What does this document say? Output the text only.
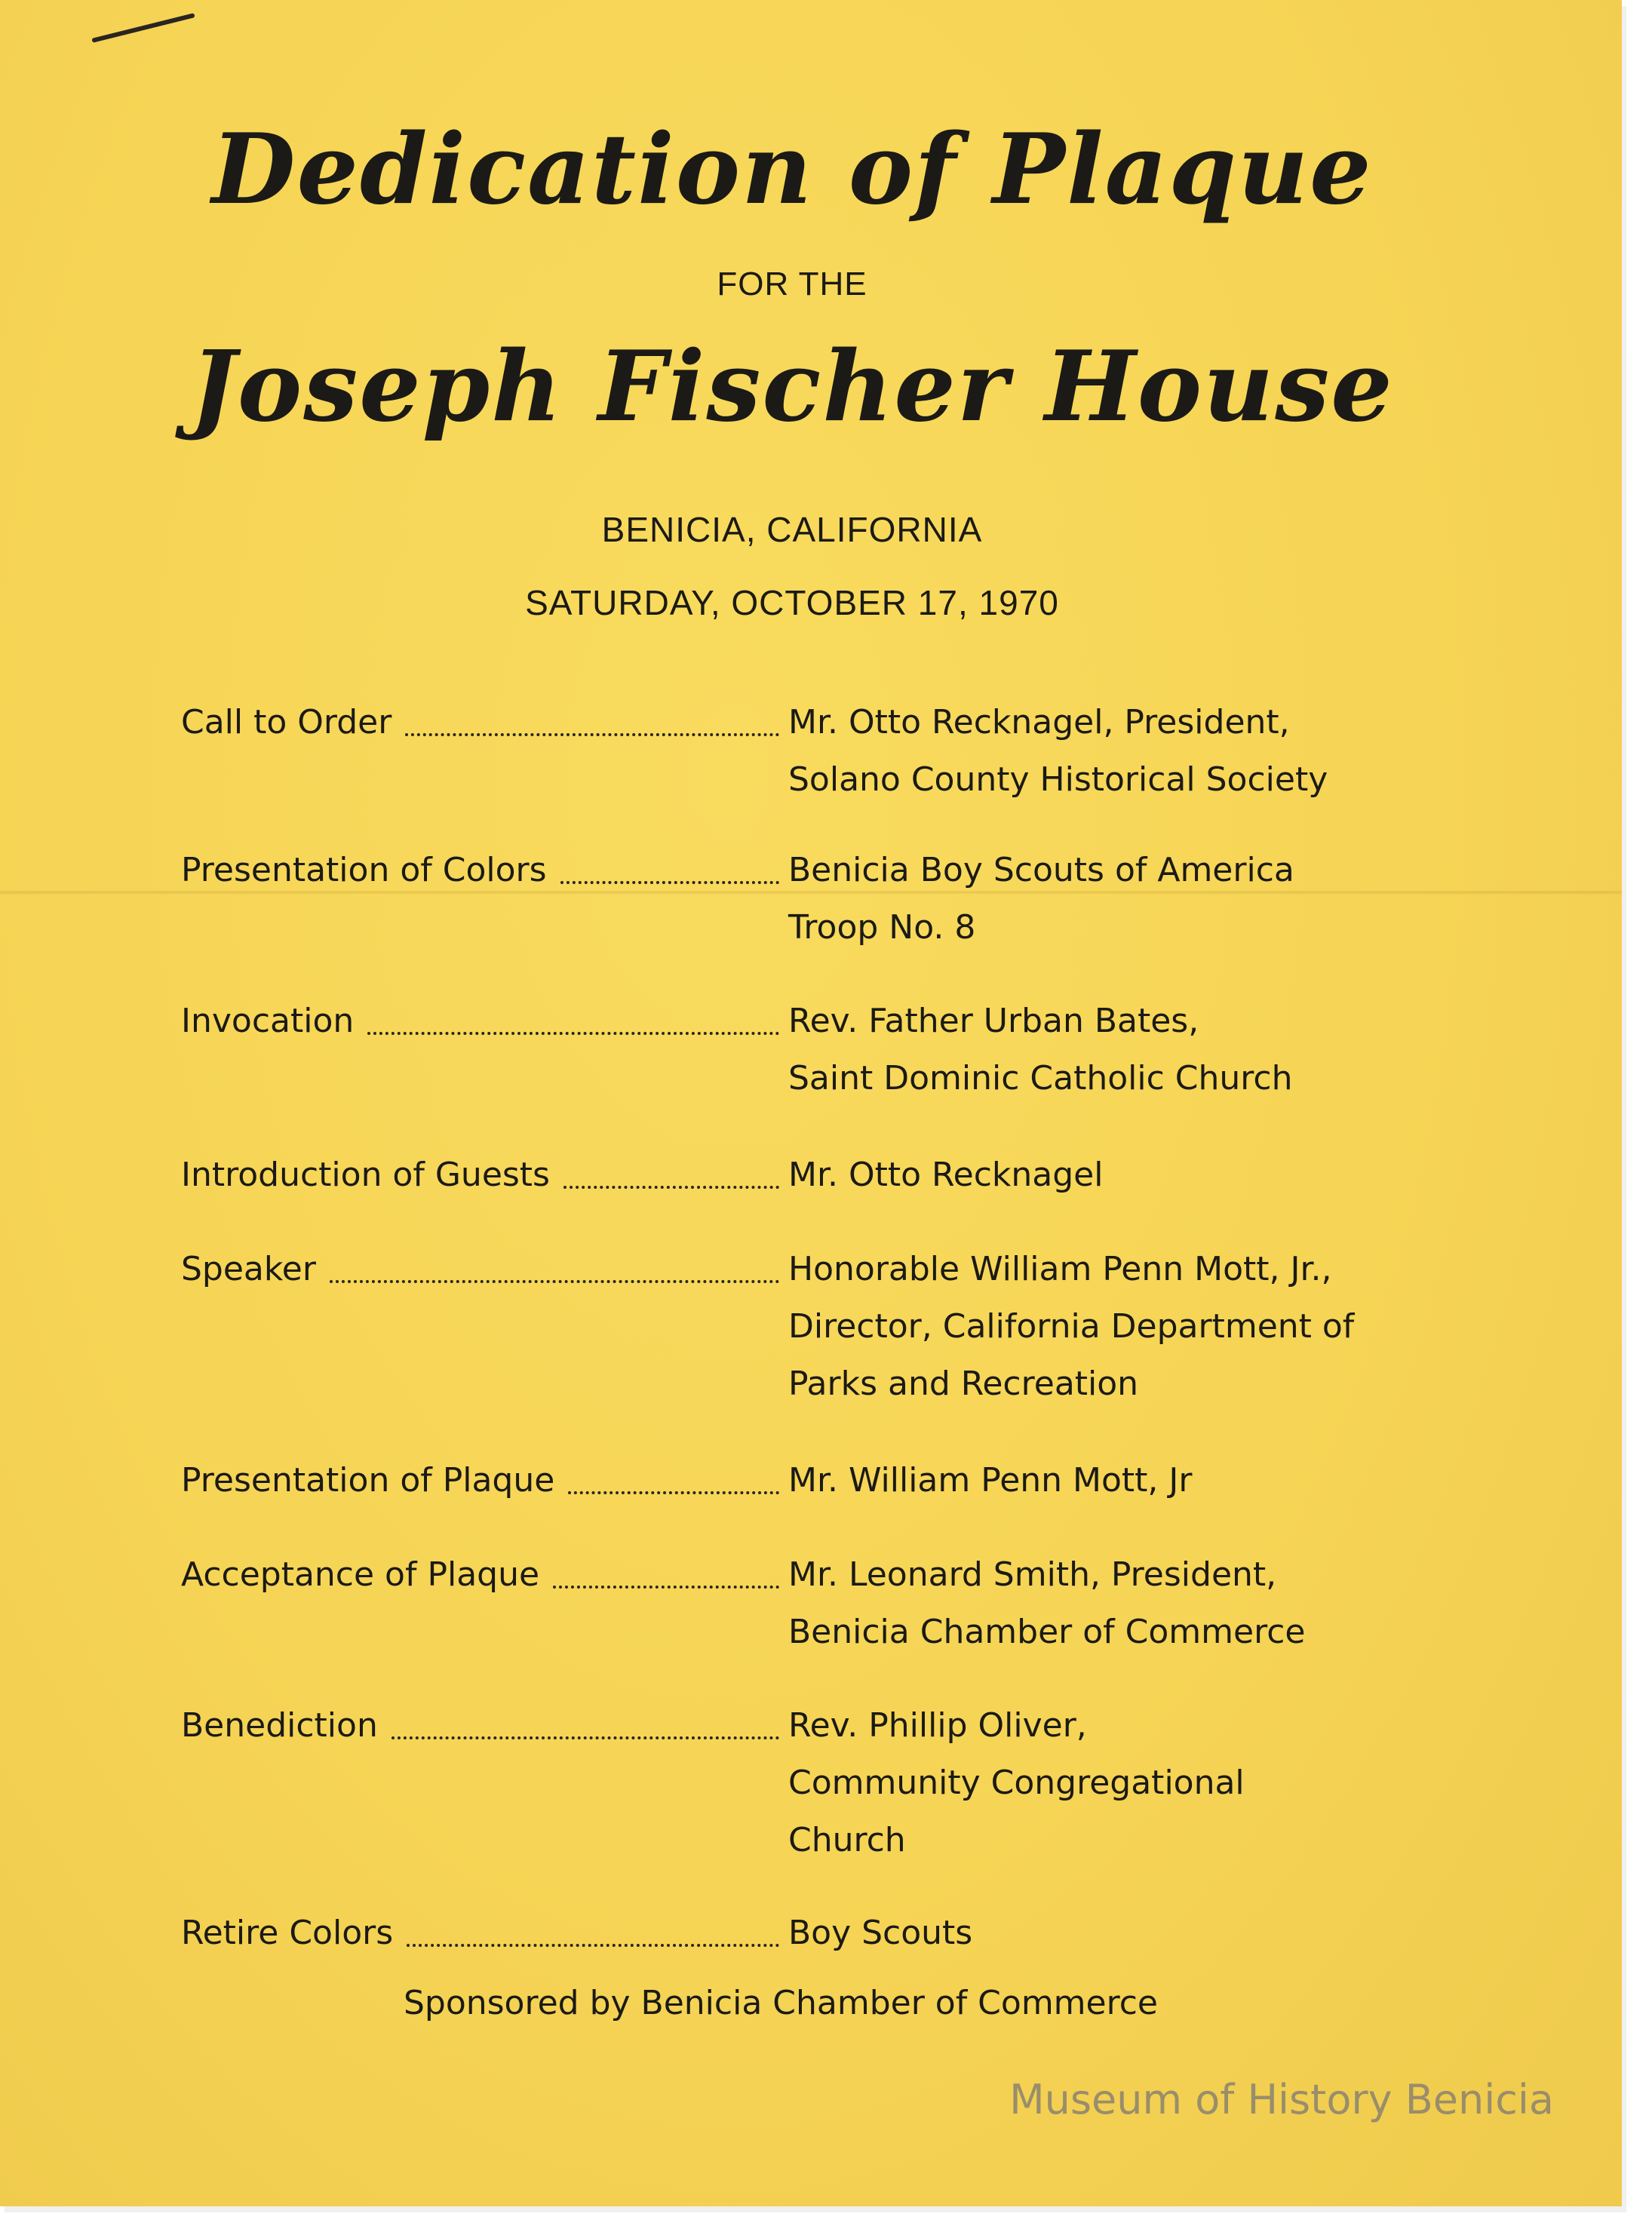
Dedication of Plaque
FOR THE
Joseph Fischer House
BENICIA, CALIFORNIA
SATURDAY, OCTOBER 17, 1970
Call to Order	Mr. Otto Recknagel, President,
Solano County Historical Society
Presentation of Colors	Benicia Boy Scouts of America
Troop No. 8
Invocation	Rev. Father Urban Bates,
Saint Dominic Catholic Church
Introduction of Guests	Mr. Otto Recknagel
Speaker	Honorable William Penn Mott, Jr.,
Director, California Department of
Parks and Recreation
Presentation of Plaque	Mr. William Penn Mott, Jr
Acceptance of Plaque	Mr. Leonard Smith, President,
Benicia Chamber of Commerce
Benediction	Rev. Phillip Oliver,
Community Congregational
Church
Retire Colors	Boy Scouts
Sponsored by Benicia Chamber of Commerce
Museum of History Benicia
